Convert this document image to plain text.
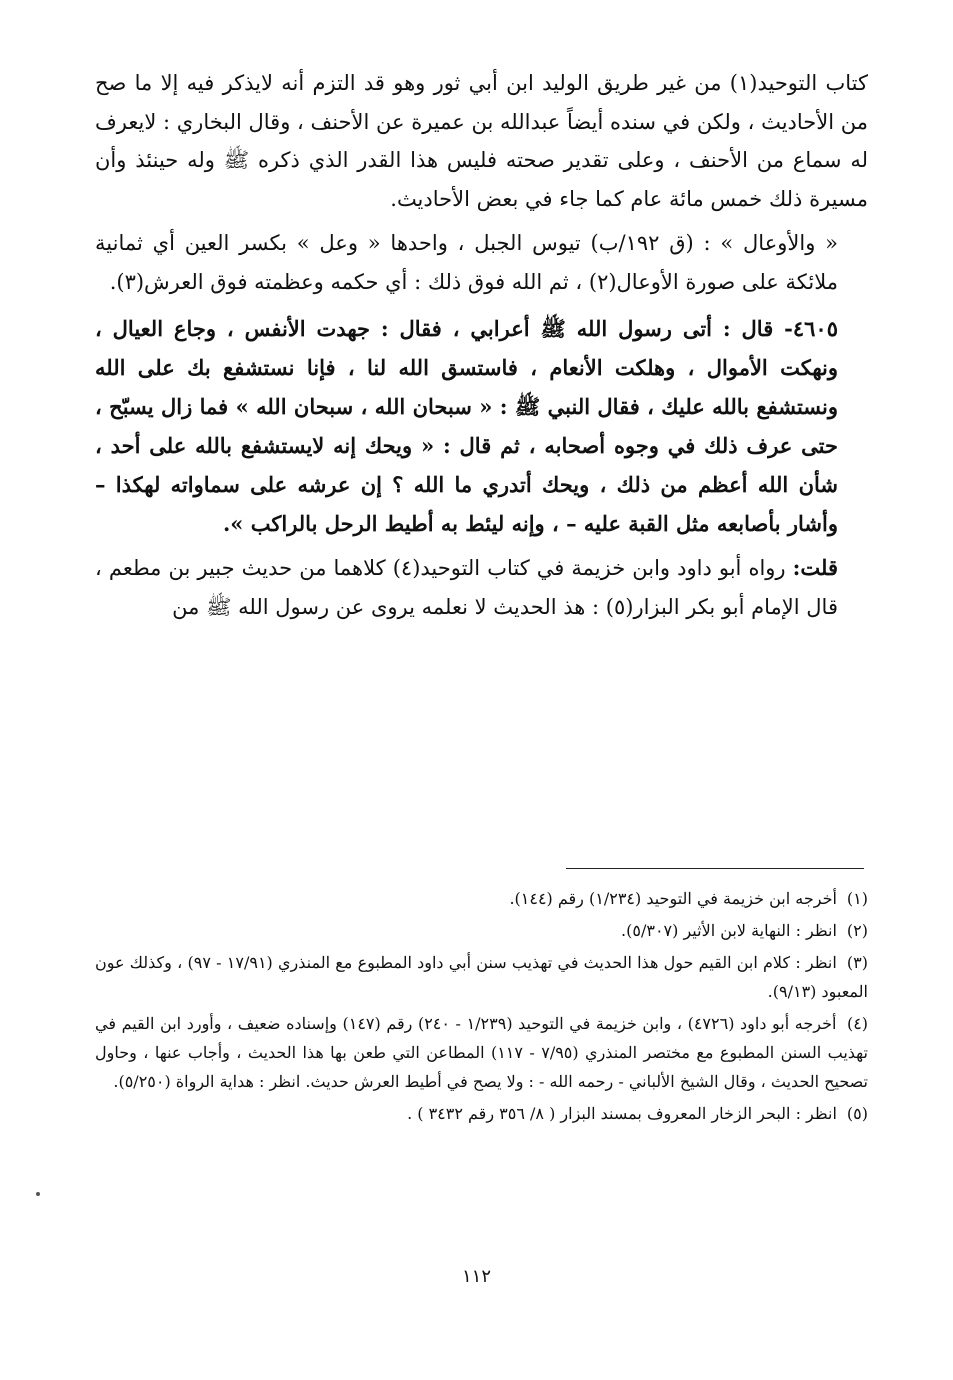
كتاب التوحيد(١) من غير طريق الوليد ابن أبي ثور وهو قد التزم أنه لايذكر فيه إلا ما صح من الأحاديث ، ولكن في سنده أيضاً عبدالله بن عميرة عن الأحنف ، وقال البخاري : لايعرف له سماع من الأحنف ، وعلى تقدير صحته فليس هذا القدر الذي ذكره ﷺ وله حينئذ وأن مسيرة ذلك خمس مائة عام كما جاء في بعض الأحاديث.

« والأوعال » : (ق ١٩٢/ب) تيوس الجبل ، واحدها « وعل » بكسر العين أي ثمانية ملائكة على صورة الأوعال(٢) ، ثم الله فوق ذلك : أي حكمه وعظمته فوق العرش(٣).

٤٦٠٥- قال : أتى رسول الله ﷺ أعرابي ، فقال : جهدت الأنفس ، وجاع العيال ، ونهكت الأموال ، وهلكت الأنعام ، فاستسق الله لنا ، فإنا نستشفع بك على الله ونستشفع بالله عليك ، فقال النبي ﷺ : « سبحان الله ، سبحان الله » فما زال يسبّح ، حتى عرف ذلك في وجوه أصحابه ، ثم قال : « ويحك إنه لايستشفع بالله على أحد ، شأن الله أعظم من ذلك ، ويحك أتدري ما الله ؟ إن عرشه على سماواته لهكذا – وأشار بأصابعه مثل القبة عليه – ، وإنه ليئط به أطيط الرحل بالراكب ».

قلت: رواه أبو داود وابن خزيمة في كتاب التوحيد(٤) كلاهما من حديث جبير بن مطعم ، قال الإمام أبو بكر البزار(٥) : هذ الحديث لا نعلمه يروى عن رسول الله ﷺ من

(١) أخرجه ابن خزيمة في التوحيد (١/٢٣٤) رقم (١٤٤).

(٢) انظر : النهاية لابن الأثير (٥/٣٠٧).

(٣) انظر : كلام ابن القيم حول هذا الحديث في تهذيب سنن أبي داود المطبوع مع المنذري (١٧/٩١ - ٩٧) ، وكذلك عون المعبود (٩/١٣).

(٤) أخرجه أبو داود (٤٧٢٦) ، وابن خزيمة في التوحيد (١/٢٣٩ - ٢٤٠) رقم (١٤٧) وإسناده ضعيف ، وأورد ابن القيم في تهذيب السنن المطبوع مع مختصر المنذري (٧/٩٥ - ١١٧) المطاعن التي طعن بها هذا الحديث ، وأجاب عنها ، وحاول تصحيح الحديث ، وقال الشيخ الألباني - رحمه الله - : ولا يصح في أطيط العرش حديث. انظر : هداية الرواة (٥/٢٥٠).

(٥) انظر : البحر الزخار المعروف بمسند البزار ( ٨/ ٣٥٦ رقم ٣٤٣٢ ) .

١١٢
